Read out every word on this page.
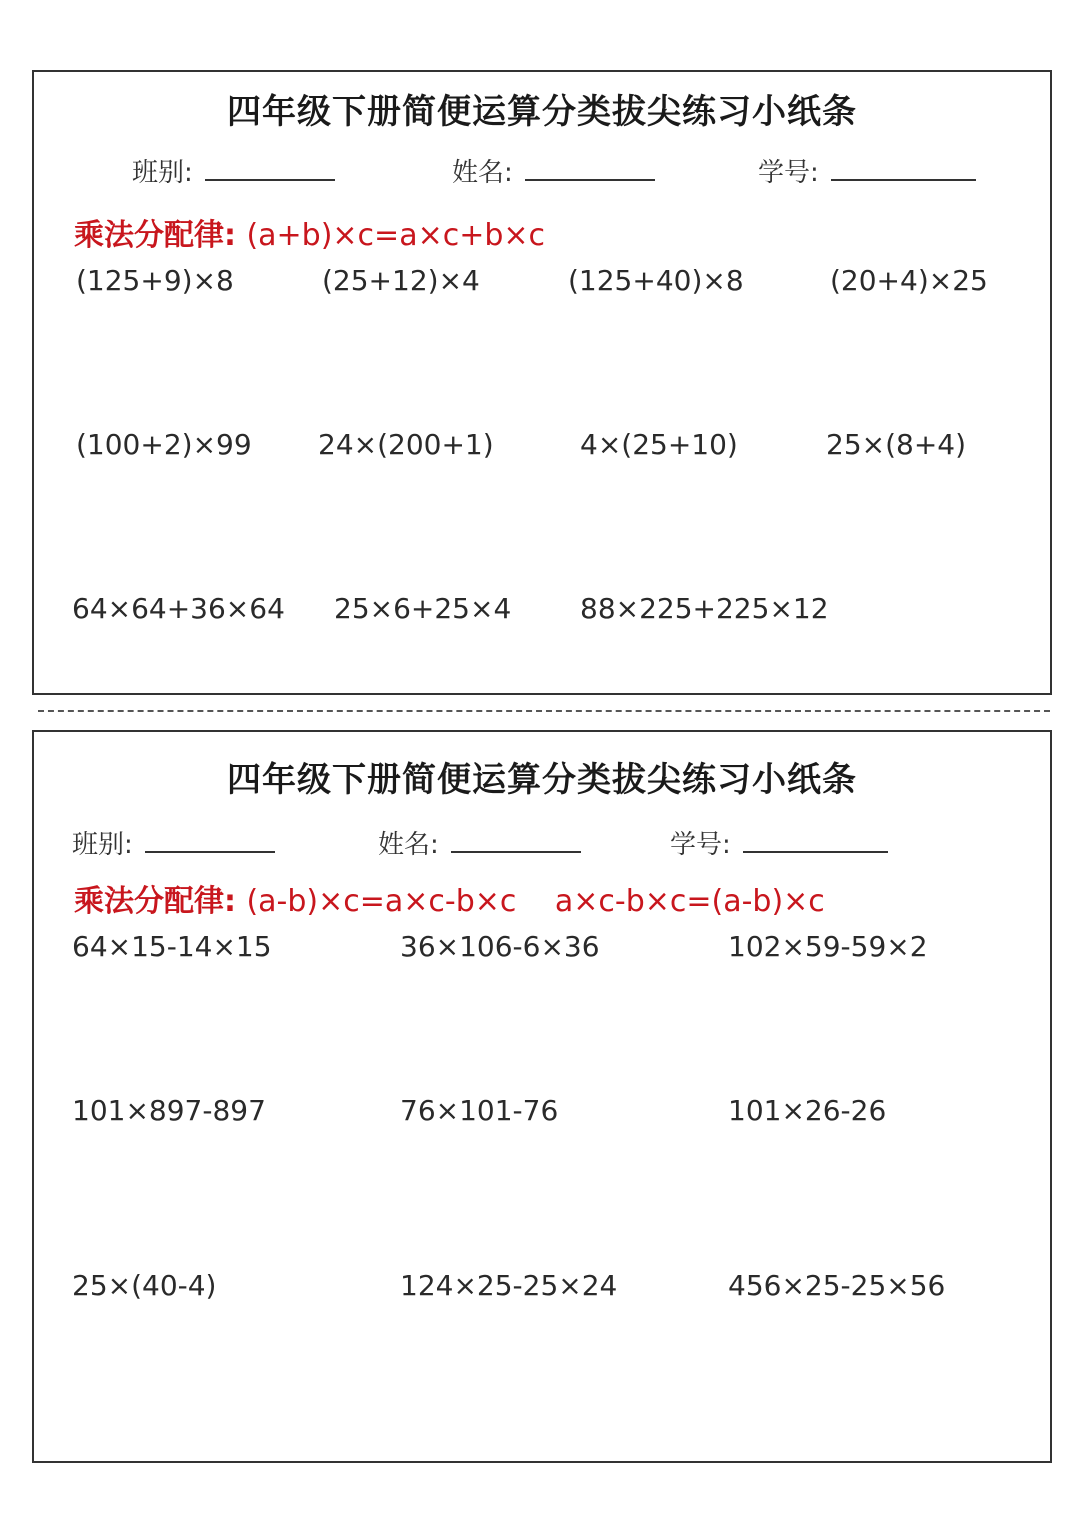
四年级下册简便运算分类拔尖练习小纸条
班别:	姓名:	学号:
乘法分配律: (a+b)×c=a×c+b×c
(125+9)×8	(25+12)×4	(125+40)×8	(20+4)×25
(100+2)×99 24×(200+1)	4×(25+10)	25×(8+4)
64×64+36×64 25×6+25×4 88×225+225×12
四年级下册简便运算分类拔尖练习小纸条
班别:	姓名:	学号:
乘法分配律: (a-b)×c=a×c-b×c a×c-b×c=(a-b)×c
64×15-14×15	36×106-6×36	102×59-59×2
101×897-897	76×101-76	101×26-26
25×(40-4)	124×25-25×24	456×25-25×56
